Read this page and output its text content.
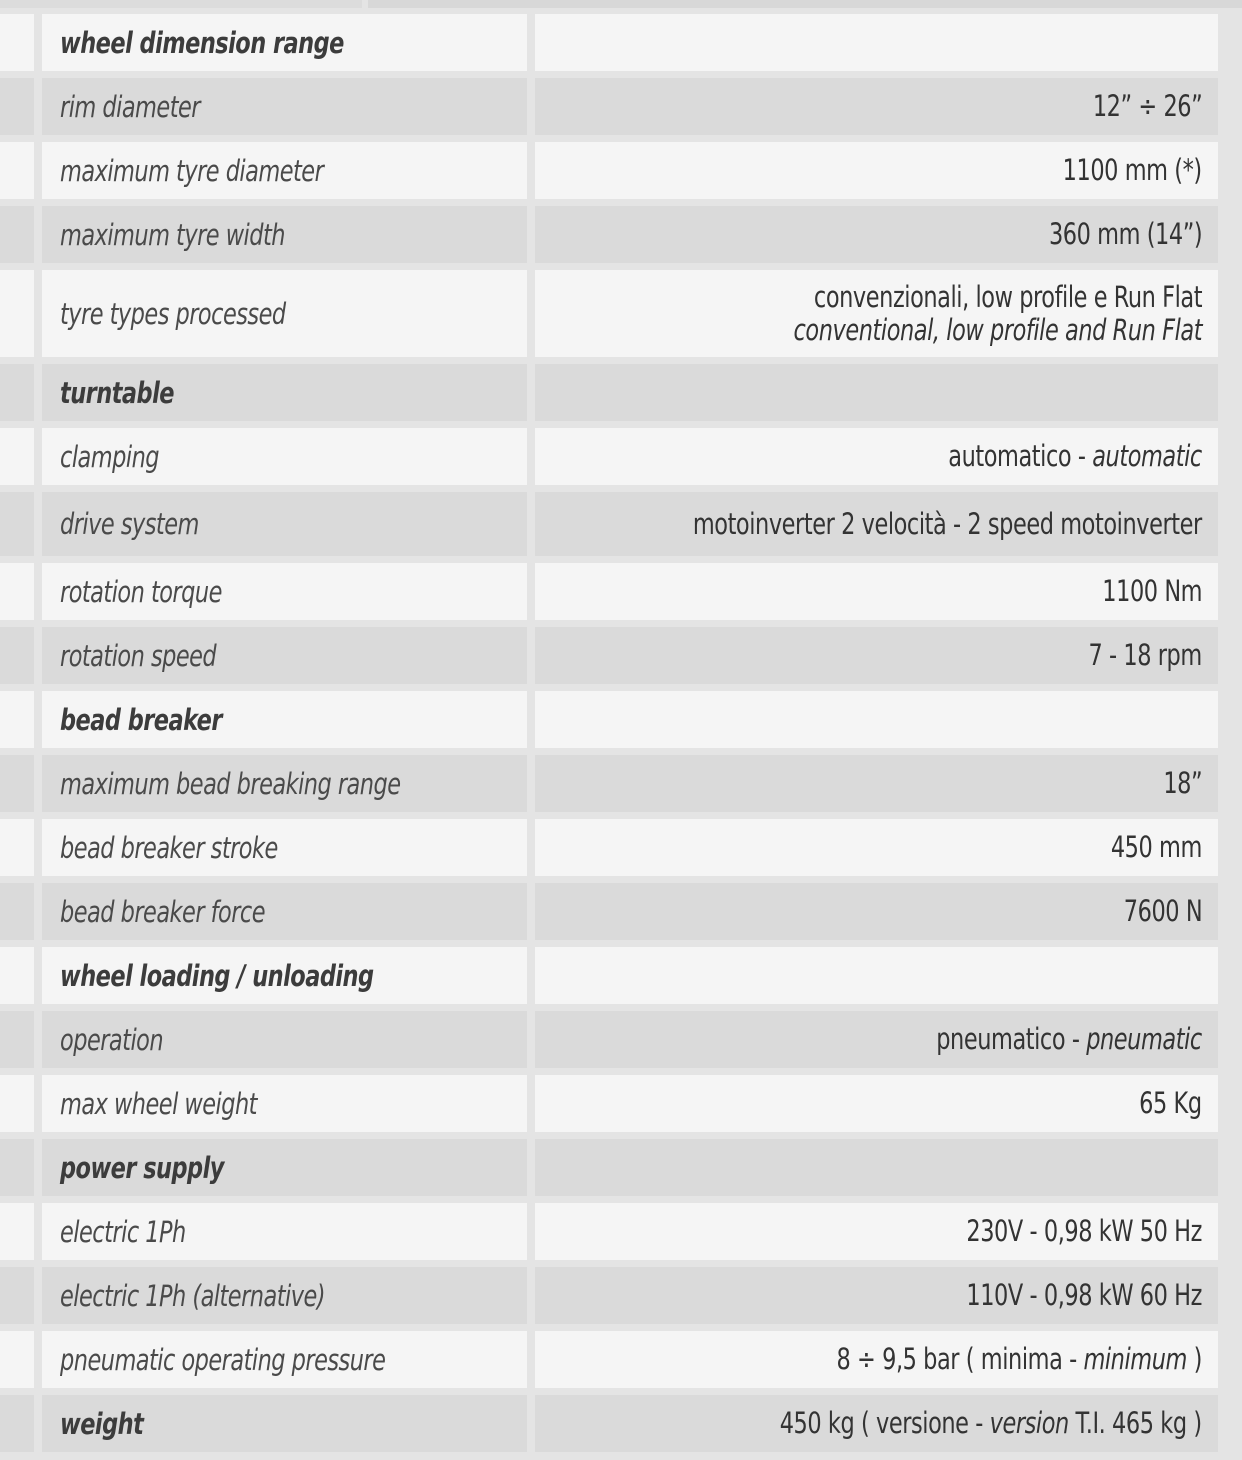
wheel dimension range
rim diameter	12” ÷ 26”
maximum tyre diameter	1100 mm (*)
maximum tyre width	360 mm (14”)
tyre types processed	convenzionali, low profile e Run Flat
conventional, low profile and Run Flat
turntable
clamping	automatico - automatic
drive system	motoinverter 2 velocità - 2 speed motoinverter
rotation torque	1100 Nm
rotation speed	7 - 18 rpm
bead breaker
maximum bead breaking range	18”
bead breaker stroke	450 mm
bead breaker force	7600 N
wheel loading / unloading
operation	pneumatico - pneumatic
max wheel weight	65 Kg
power supply
electric 1Ph	230V - 0,98 kW 50 Hz
electric 1Ph (alternative)	110V - 0,98 kW 60 Hz
pneumatic operating pressure	8 ÷ 9,5 bar ( minima - minimum )
weight	450 kg ( versione - version T.I. 465 kg )
